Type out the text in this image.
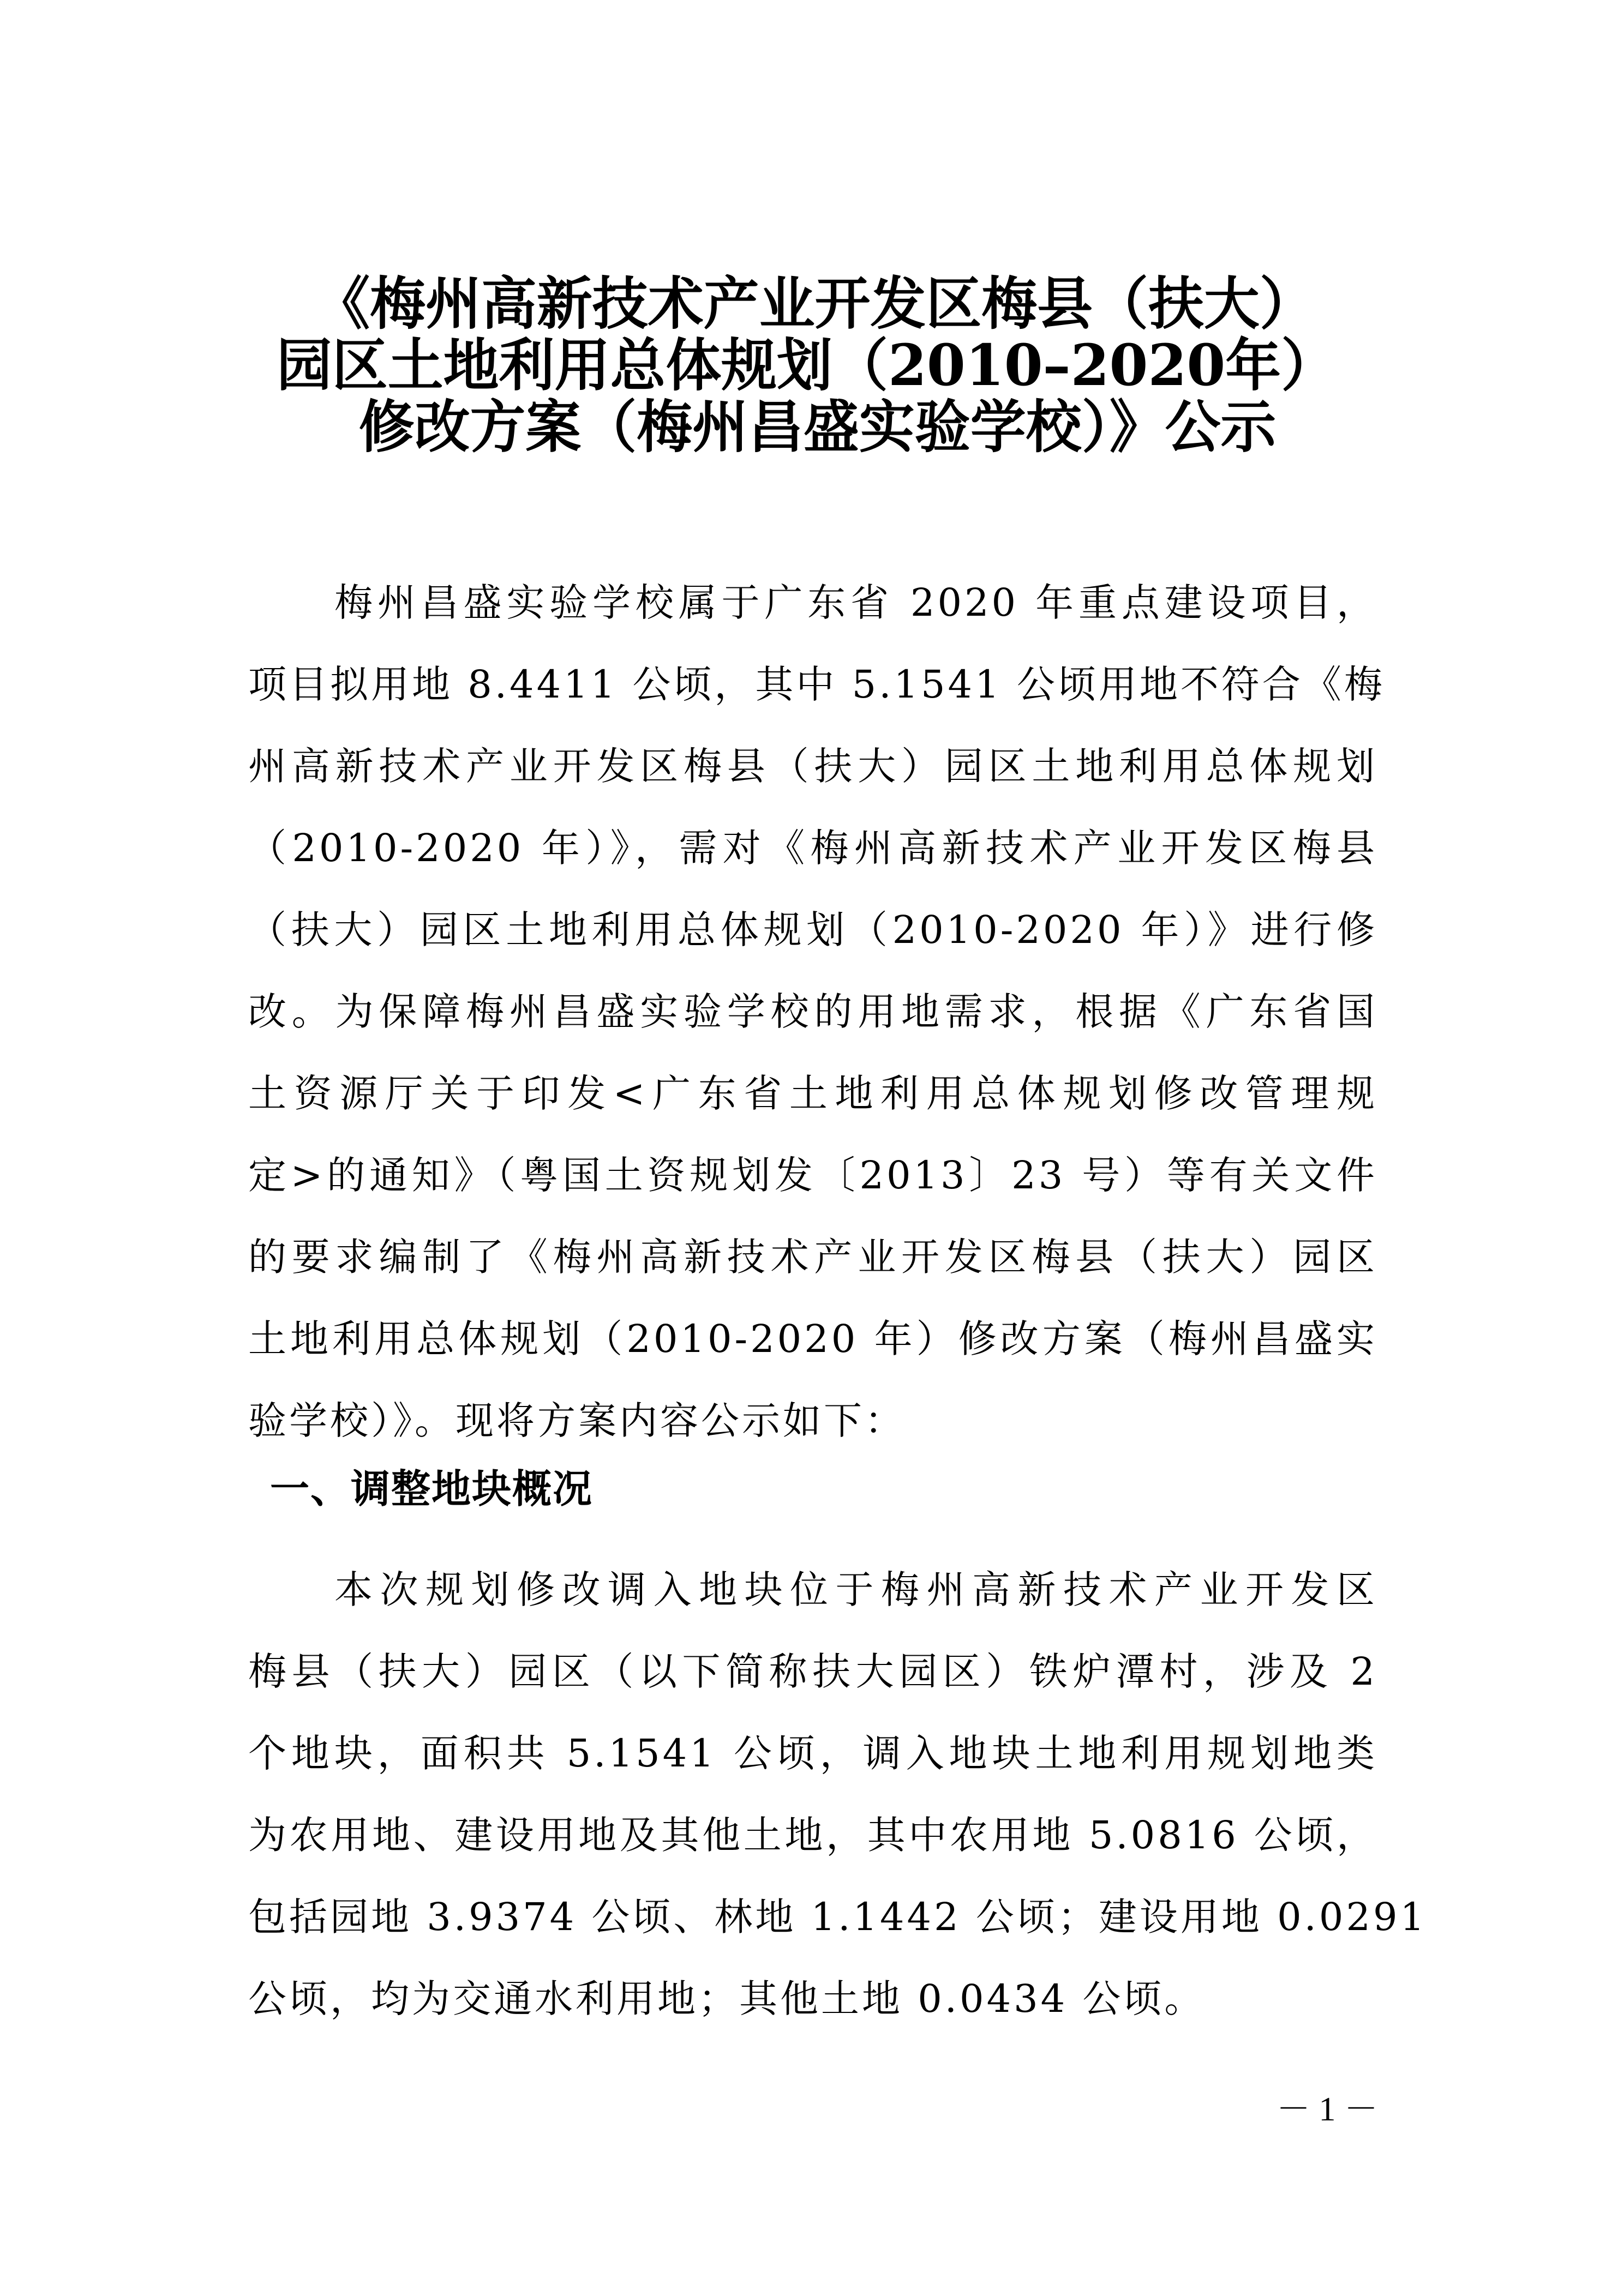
《梅州高新技术产业开发区梅县（扶大）
园区土地利用总体规划（2010–2020年）
修改方案（梅州昌盛实验学校）》公示
梅州昌盛实验学校属于广东省 2020 年重点建设项目，
项目拟用地 8.4411 公顷，其中 5.1541 公顷用地不符合《梅
州高新技术产业开发区梅县（扶大）园区土地利用总体规划
（2010-2020 年）》，需对《梅州高新技术产业开发区梅县
（扶大）园区土地利用总体规划（2010-2020 年）》进行修
改。为保障梅州昌盛实验学校的用地需求，根据《广东省国
土资源厅关于印发<广东省土地利用总体规划修改管理规
定>的通知》（粤国土资规划发〔2013〕23 号）等有关文件
的要求编制了《梅州高新技术产业开发区梅县（扶大）园区
土地利用总体规划（2010-2020 年）修改方案（梅州昌盛实
验学校）》。现将方案内容公示如下：
一、调整地块概况
本次规划修改调入地块位于梅州高新技术产业开发区
梅县（扶大）园区（以下简称扶大园区）铁炉潭村，涉及 2
个地块，面积共 5.1541 公顷，调入地块土地利用规划地类
为农用地、建设用地及其他土地，其中农用地 5.0816 公顷，
包括园地 3.9374 公顷、林地 1.1442 公顷；建设用地 0.0291
公顷，均为交通水利用地；其他土地 0.0434 公顷。
－ 1 －
